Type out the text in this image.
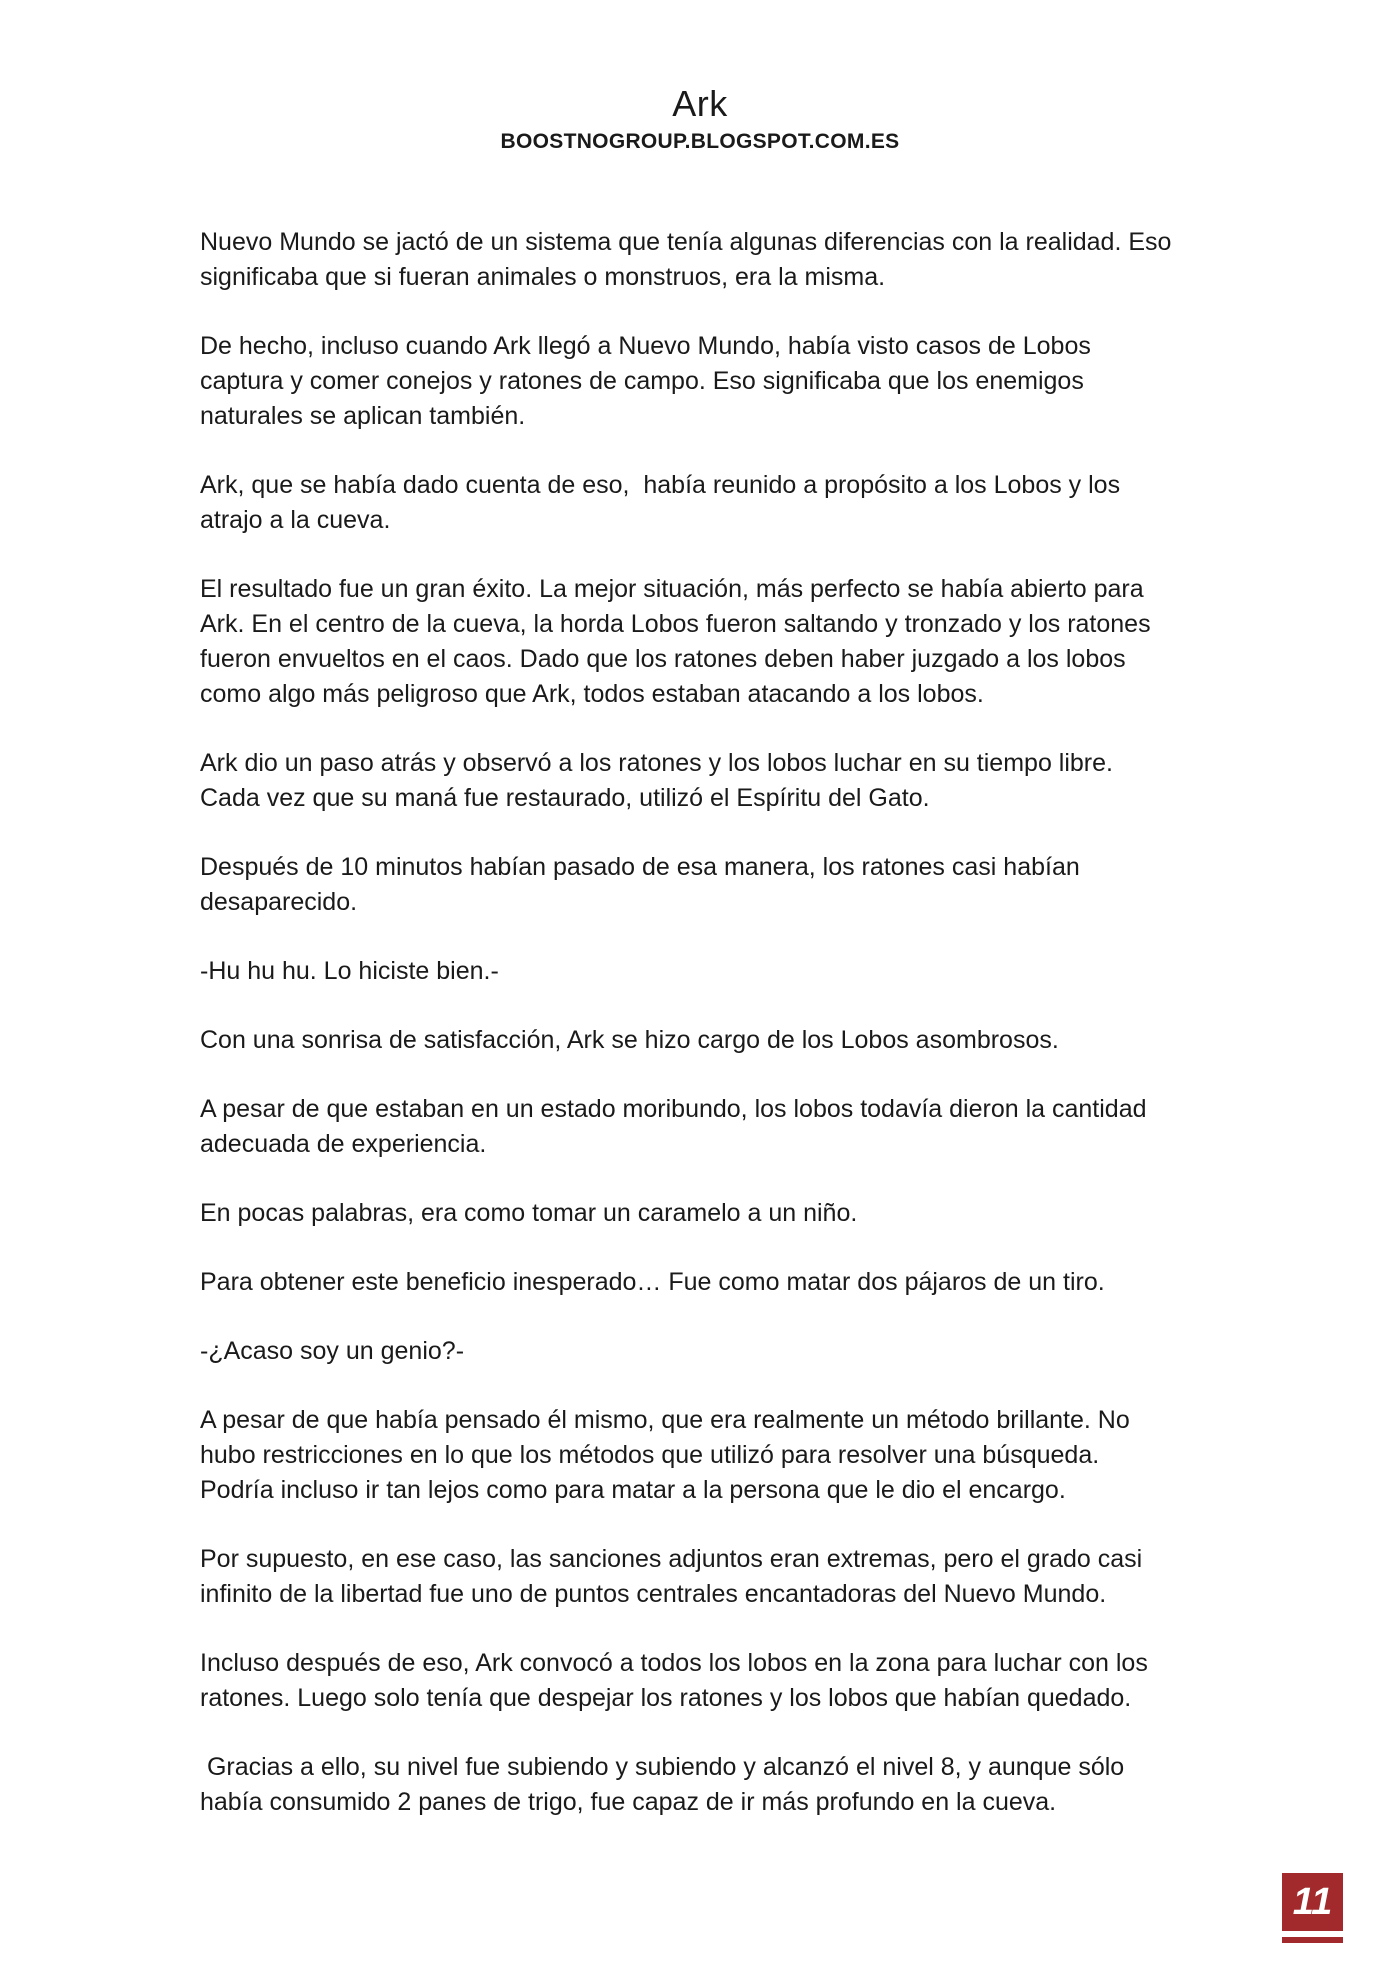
Ark
BOOSTNOGROUP.BLOGSPOT.COM.ES

Nuevo Mundo se jactó de un sistema que tenía algunas diferencias con la realidad. Eso
significaba que si fueran animales o monstruos, era la misma.

De hecho, incluso cuando Ark llegó a Nuevo Mundo, había visto casos de Lobos
captura y comer conejos y ratones de campo. Eso significaba que los enemigos
naturales se aplican también.

Ark, que se había dado cuenta de eso,  había reunido a propósito a los Lobos y los
atrajo a la cueva.

El resultado fue un gran éxito. La mejor situación, más perfecto se había abierto para
Ark. En el centro de la cueva, la horda Lobos fueron saltando y tronzado y los ratones
fueron envueltos en el caos. Dado que los ratones deben haber juzgado a los lobos
como algo más peligroso que Ark, todos estaban atacando a los lobos.

Ark dio un paso atrás y observó a los ratones y los lobos luchar en su tiempo libre.
Cada vez que su maná fue restaurado, utilizó el Espíritu del Gato.

Después de 10 minutos habían pasado de esa manera, los ratones casi habían
desaparecido.

-Hu hu hu. Lo hiciste bien.-

Con una sonrisa de satisfacción, Ark se hizo cargo de los Lobos asombrosos.

A pesar de que estaban en un estado moribundo, los lobos todavía dieron la cantidad
adecuada de experiencia.

En pocas palabras, era como tomar un caramelo a un niño.

Para obtener este beneficio inesperado… Fue como matar dos pájaros de un tiro.

-¿Acaso soy un genio?-

A pesar de que había pensado él mismo, que era realmente un método brillante. No
hubo restricciones en lo que los métodos que utilizó para resolver una búsqueda.
Podría incluso ir tan lejos como para matar a la persona que le dio el encargo.

Por supuesto, en ese caso, las sanciones adjuntos eran extremas, pero el grado casi
infinito de la libertad fue uno de puntos centrales encantadoras del Nuevo Mundo.

Incluso después de eso, Ark convocó a todos los lobos en la zona para luchar con los
ratones. Luego solo tenía que despejar los ratones y los lobos que habían quedado.

Gracias a ello, su nivel fue subiendo y subiendo y alcanzó el nivel 8, y aunque sólo
había consumido 2 panes de trigo, fue capaz de ir más profundo en la cueva.

11
